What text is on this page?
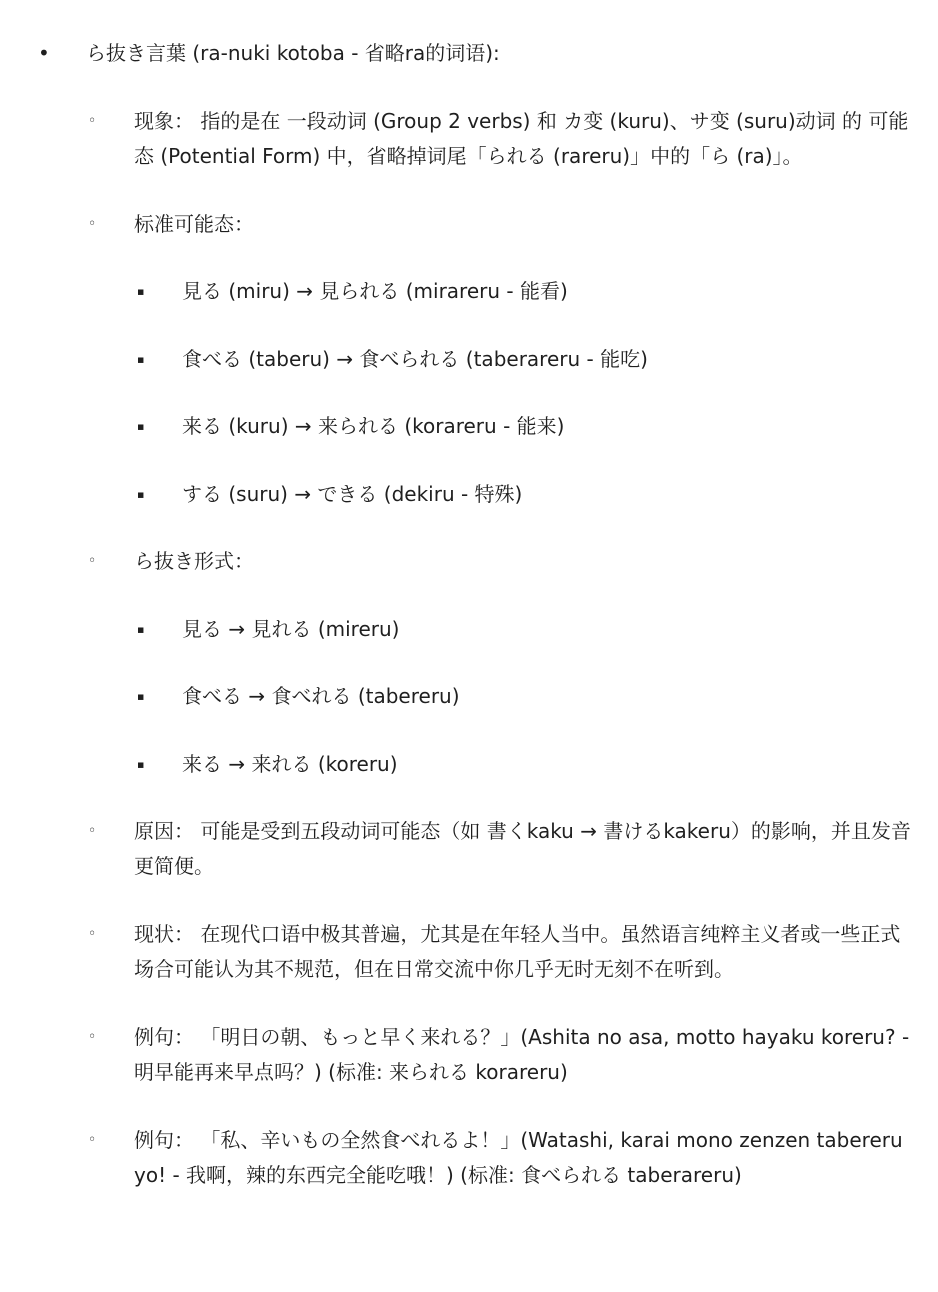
• ら抜き言葉 (ra-nuki kotoba - 省略ra的词语):
◦ 现象： 指的是在 一段动词 (Group 2 verbs) 和 カ变 (kuru)、サ变 (suru)动词 的 可能态 (Potential Form) 中，省略掉词尾「られる (rareru)」中的「ら (ra)」。
◦ 标准可能态：
▪ 見る (miru) → 見られる (mirareru - 能看)
▪ 食べる (taberu) → 食べられる (taberareru - 能吃)
▪ 来る (kuru) → 来られる (korareru - 能来)
▪ する (suru) → できる (dekiru - 特殊)
◦ ら抜き形式：
▪ 見る → 見れる (mireru)
▪ 食べる → 食べれる (tabereru)
▪ 来る → 来れる (koreru)
◦ 原因： 可能是受到五段动词可能态（如 書くkaku → 書けるkakeru）的影响，并且发音更简便。
◦ 现状： 在现代口语中极其普遍，尤其是在年轻人当中。虽然语言纯粹主义者或一些正式场合可能认为其不规范，但在日常交流中你几乎无时无刻不在听到。
◦ 例句： 「明日の朝、もっと早く来れる？」(Ashita no asa, motto hayaku koreru? - 明早能再来早点吗？) (标准: 来られる korareru)
◦ 例句： 「私、辛いもの全然食べれるよ！」(Watashi, karai mono zenzen tabereru yo! - 我啊，辣的东西完全能吃哦！) (标准: 食べられる taberareru)
